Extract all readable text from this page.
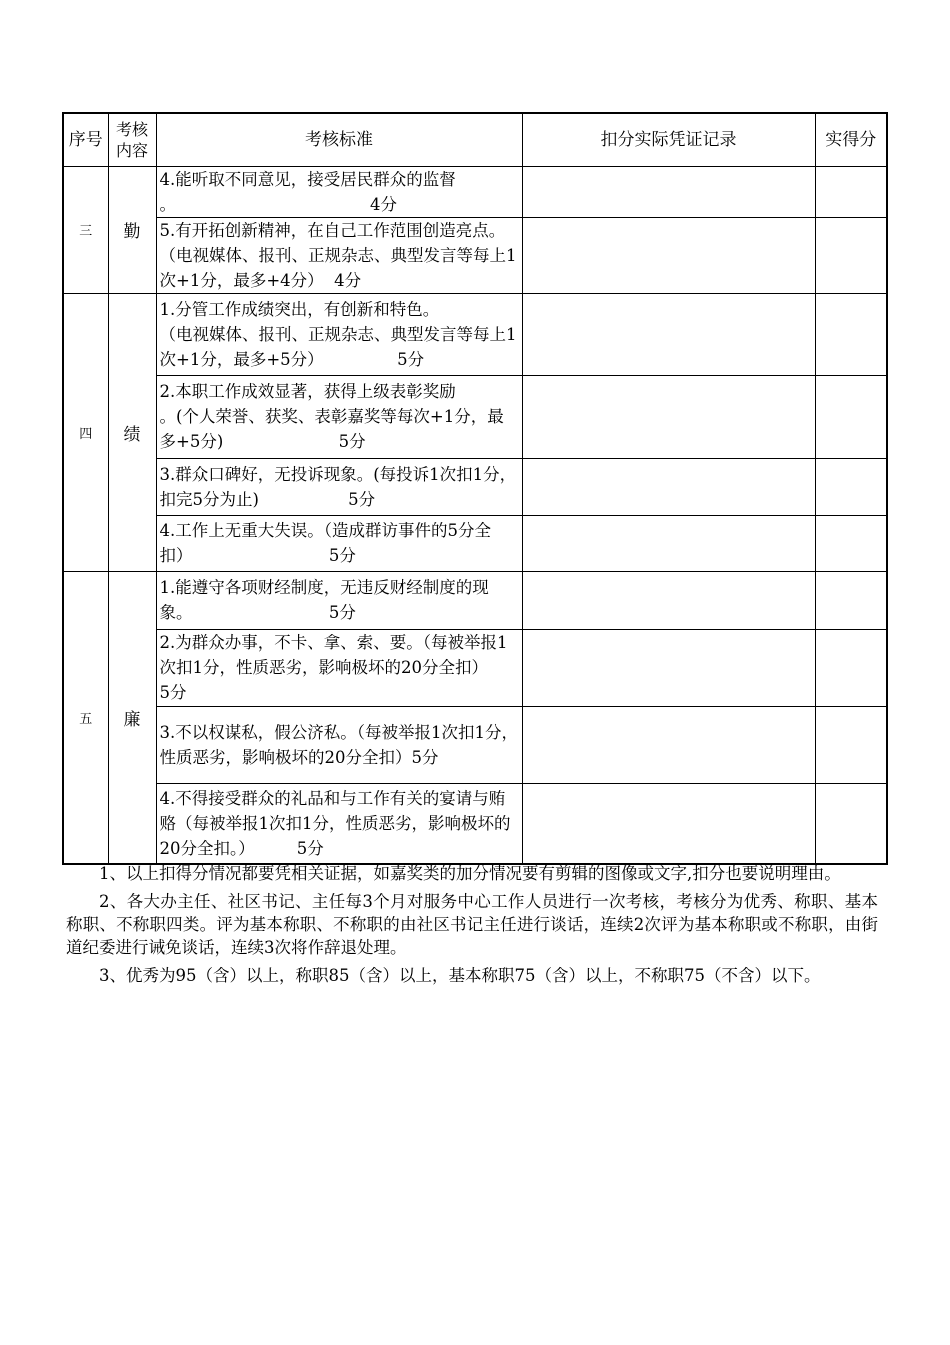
序号	考核内容	考核标准	扣分实际凭证记录	实得分
三	勤	4.能听取不同意见，接受居民群众的监督
。                                     4分		
		5.有开拓创新精神，在自己工作范围创造亮点。（电视媒体、报刊、正规杂志、典型发言等每上1次+1分，最多+4分）  4分		
四	绩	1.分管工作成绩突出，有创新和特色。
（电视媒体、报刊、正规杂志、典型发言等每上1次+1分，最多+5分）              5分		
		2.本职工作成效显著，获得上级表彰奖励
。(个人荣誉、获奖、表彰嘉奖等每次+1分，最多+5分)                      5分		
		3.群众口碑好，无投诉现象。(每投诉1次扣1分，扣完5分为止)                 5分		
		4.工作上无重大失误。（造成群访事件的5分全扣）                          5分		
五	廉	1.能遵守各项财经制度，无违反财经制度的现象。                          5分		
		2.为群众办事，不卡、拿、索、要。（每被举报1次扣1分，性质恶劣，影响极坏的20分全扣）                       5分		
		3.不以权谋私，假公济私。（每被举报1次扣1分，性质恶劣，影响极坏的20分全扣）5分		
		4.不得接受群众的礼品和与工作有关的宴请与贿赂（每被举报1次扣1分，性质恶劣，影响极坏的20分全扣。）        5分		

1、以上扣得分情况都要凭相关证据，如嘉奖类的加分情况要有剪辑的图像或文字,扣分也要说明理由。

2、各大办主任、社区书记、主任每3个月对服务中心工作人员进行一次考核，考核分为优秀、称职、基本称职、不称职四类。评为基本称职、不称职的由社区书记主任进行谈话，连续2次评为基本称职或不称职，由街道纪委进行诫免谈话，连续3次将作辞退处理。

3、优秀为95（含）以上，称职85（含）以上，基本称职75（含）以上，不称职75（不含）以下。
